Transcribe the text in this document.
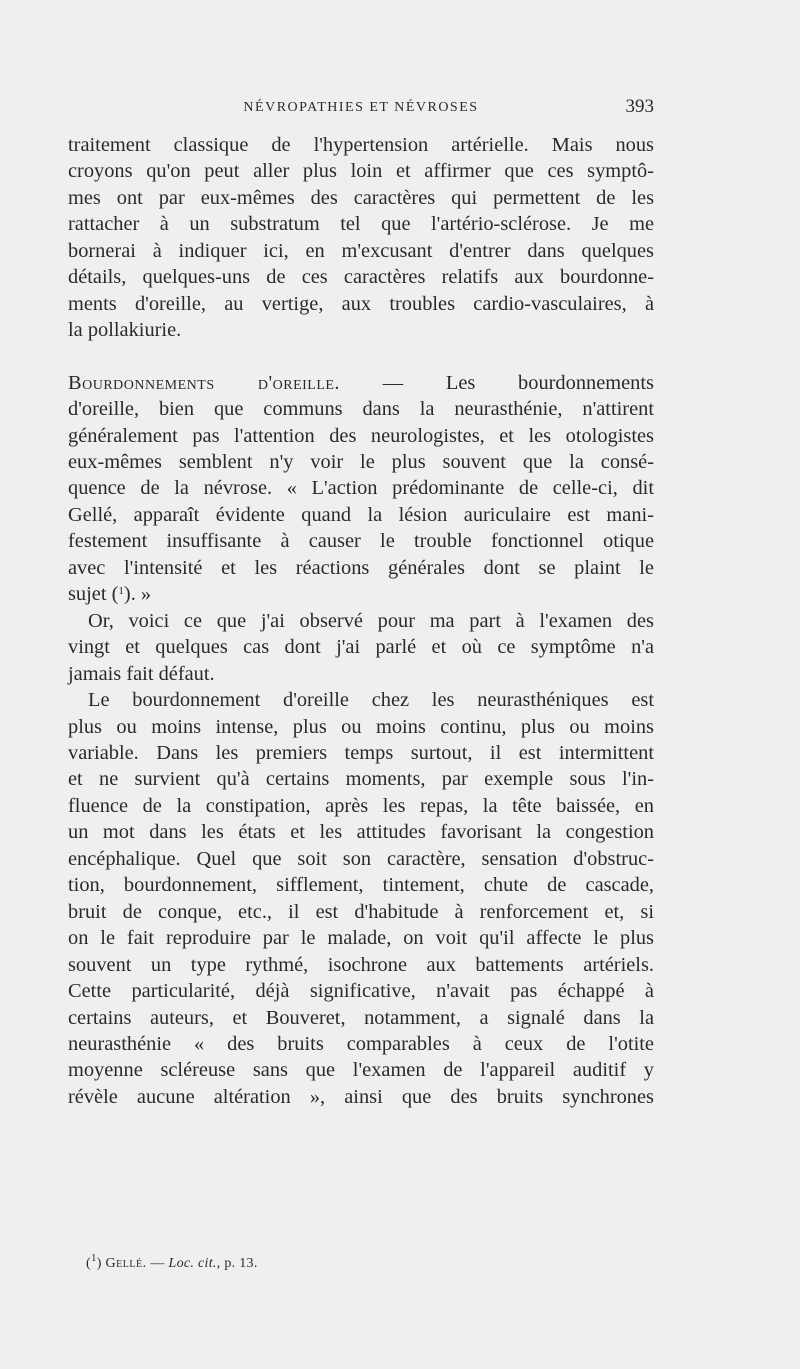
NÉVROPATHIES ET NÉVROSES	393
traitement classique de l'hypertension artérielle. Mais nous
croyons qu'on peut aller plus loin et affirmer que ces symptô-
mes ont par eux-mêmes des caractères qui permettent de les
rattacher à un substratum tel que l'artério-sclérose. Je me
bornerai à indiquer ici, en m'excusant d'entrer dans quelques
détails, quelques-uns de ces caractères relatifs aux bourdonne-
ments d'oreille, au vertige, aux troubles cardio-vasculaires, à
la pollakiurie.
Bourdonnements d'oreille. — Les bourdonnements
d'oreille, bien que communs dans la neurasthénie, n'attirent
généralement pas l'attention des neurologistes, et les otologistes
eux-mêmes semblent n'y voir le plus souvent que la consé-
quence de la névrose. « L'action prédominante de celle-ci, dit
Gellé, apparaît évidente quand la lésion auriculaire est mani-
festement insuffisante à causer le trouble fonctionnel otique
avec l'intensité et les réactions générales dont se plaint le
sujet ($^1$). »
Or, voici ce que j'ai observé pour ma part à l'examen des
vingt et quelques cas dont j'ai parlé et où ce symptôme n'a
jamais fait défaut.
Le bourdonnement d'oreille chez les neurasthéniques est
plus ou moins intense, plus ou moins continu, plus ou moins
variable. Dans les premiers temps surtout, il est intermittent
et ne survient qu'à certains moments, par exemple sous l'in-
fluence de la constipation, après les repas, la tête baissée, en
un mot dans les états et les attitudes favorisant la congestion
encéphalique. Quel que soit son caractère, sensation d'obstruc-
tion, bourdonnement, sifflement, tintement, chute de cascade,
bruit de conque, etc., il est d'habitude à renforcement et, si
on le fait reproduire par le malade, on voit qu'il affecte le plus
souvent un type rythmé, isochrone aux battements artériels.
Cette particularité, déjà significative, n'avait pas échappé à
certains auteurs, et Bouveret, notamment, a signalé dans la
neurasthénie « des bruits comparables à ceux de l'otite
moyenne scléreuse sans que l'examen de l'appareil auditif y
révèle aucune altération », ainsi que des bruits synchrones
($^1$) Gellé. — Loc. cit., p. 13.
